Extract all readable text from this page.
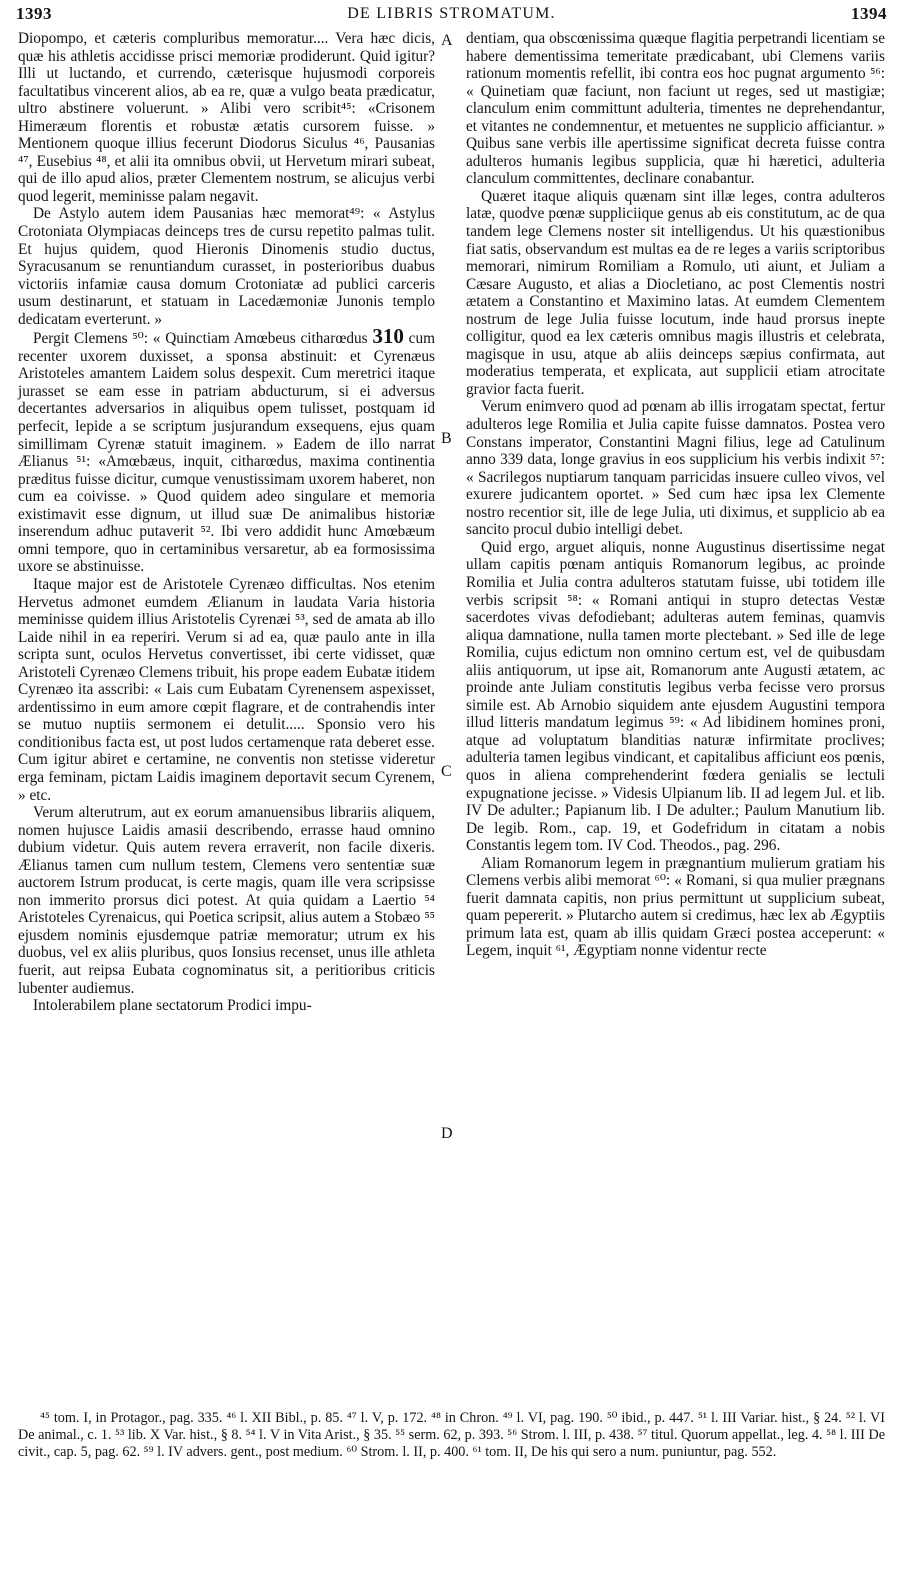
1393	DE LIBRIS STROMATUM.	1394

Diopompo, et cæteris compluribus memoratur.... Vera hæc dicis, quæ his athletis accidisse prisci memoriæ prodiderunt. Quid igitur? Illi ut luctando, et currendo, cæterisque hujusmodi corporeis facultatibus vincerent alios, ab ea re, quæ a vulgo beata prædicatur, ultro abstinere voluerunt. » Alibi vero scribit⁴⁵: «Crisonem Himeræum florentis et robustæ ætatis cursorem fuisse. » Mentionem quoque illius fecerunt Diodorus Siculus ⁴⁶, Pausanias ⁴⁷, Eusebius ⁴⁸, et alii ita omnibus obvii, ut Hervetum mirari subeat, qui de illo apud alios, præter Clementem nostrum, se alicujus verbi quod legerit, meminisse palam negavit.

De Astylo autem idem Pausanias hæc memorat⁴⁹: « Astylus Crotoniata Olympiacas deinceps tres de cursu repetito palmas tulit. Et hujus quidem, quod Hieronis Dinomenis studio ductus, Syracusanum se renuntiandum curasset, in posterioribus duabus victoriis infamiæ causa domum Crotoniatæ ad publici carceris usum destinarunt, et statuam in Lacedæmoniæ Junonis templo dedicatam everterunt. »

Pergit Clemens ⁵⁰: « Quinctiam Amœbeus citharœdus 310 cum recenter uxorem duxisset, a sponsa abstinuit: et Cyrenæus Aristoteles amantem Laidem solus despexit. Cum meretrici itaque jurasset se eam esse in patriam abducturum, si ei adversus decertantes adversarios in aliquibus opem tulisset, postquam id perfecit, lepide a se scriptum jusjurandum exsequens, ejus quam simillimam Cyrenæ statuit imaginem. » Eadem de illo narrat Ælianus ⁵¹: «Amœbæus, inquit, citharœdus, maxima continentia præditus fuisse dicitur, cumque venustissimam uxorem haberet, non cum ea coivisse. » Quod quidem adeo singulare et memoria existimavit esse dignum, ut illud suæ De animalibus historiæ inserendum adhuc putaverit ⁵². Ibi vero addidit hunc Amœbæum omni tempore, quo in certaminibus versaretur, ab ea formosissima uxore se abstinuisse.

Itaque major est de Aristotele Cyrenæo difficultas. Nos etenim Hervetus admonet eumdem Ælianum in laudata Varia historia meminisse quidem illius Aristotelis Cyrenæi ⁵³, sed de amata ab illo Laide nihil in ea reperiri. Verum si ad ea, quæ paulo ante in illa scripta sunt, oculos Hervetus convertisset, ibi certe vidisset, quæ Aristoteli Cyrenæo Clemens tribuit, his prope eadem Eubatæ itidem Cyrenæo ita asscribi: « Lais cum Eubatam Cyrenensem aspexisset, ardentissimo in eum amore cœpit flagrare, et de contrahendis inter se mutuo nuptiis sermonem ei detulit..... Sponsio vero his conditionibus facta est, ut post ludos certamenque rata deberet esse. Cum igitur abiret e certamine, ne conventis non stetisse videretur erga feminam, pictam Laidis imaginem deportavit secum Cyrenem, » etc.

Verum alterutrum, aut ex eorum amanuensibus librariis aliquem, nomen hujusce Laidis amasii describendo, errasse haud omnino dubium videtur. Quis autem revera erraverit, non facile dixeris. Ælianus tamen cum nullum testem, Clemens vero sententiæ suæ auctorem Istrum producat, is certe magis, quam ille vera scripsisse non immerito prorsus dici potest. At quia quidam a Laertio ⁵⁴ Aristoteles Cyrenaicus, qui Poetica scripsit, alius autem a Stobæo ⁵⁵ ejusdem nominis ejusdemque patriæ memoratur; utrum ex his duobus, vel ex aliis pluribus, quos Ionsius recenset, unus ille athleta fuerit, aut reipsa Eubata cognominatus sit, a peritioribus criticis lubenter audiemus.

Intolerabilem plane sectatorum Prodici impu-

A
B
C
D

dentiam, qua obscœnissima quæque flagitia perpetrandi licentiam se habere dementissima temeritate prædicabant, ubi Clemens variis rationum momentis refellit, ibi contra eos hoc pugnat argumento ⁵⁶: « Quinetiam quæ faciunt, non faciunt ut reges, sed ut mastigiæ; clanculum enim committunt adulteria, timentes ne deprehendantur, et vitantes ne condemnentur, et metuentes ne supplicio afficiantur. » Quibus sane verbis ille apertissime significat decreta fuisse contra adulteros humanis legibus supplicia, quæ hi hæretici, adulteria clanculum committentes, declinare conabantur.

Quæret itaque aliquis quænam sint illæ leges, contra adulteros latæ, quodve pœnæ suppliciique genus ab eis constitutum, ac de qua tandem lege Clemens noster sit intelligendus. Ut his quæstionibus fiat satis, observandum est multas ea de re leges a variis scriptoribus memorari, nimirum Romiliam a Romulo, uti aiunt, et Juliam a Cæsare Augusto, et alias a Diocletiano, ac post Clementis nostri ætatem a Constantino et Maximino latas. At eumdem Clementem nostrum de lege Julia fuisse locutum, inde haud prorsus inepte colligitur, quod ea lex cæteris omnibus magis illustris et celebrata, magisque in usu, atque ab aliis deinceps sæpius confirmata, aut moderatius temperata, et explicata, aut supplicii etiam atrocitate gravior facta fuerit.

Verum enimvero quod ad pœnam ab illis irrogatam spectat, fertur adulteros lege Romilia et Julia capite fuisse damnatos. Postea vero Constans imperator, Constantini Magni filius, lege ad Catulinum anno 339 data, longe gravius in eos supplicium his verbis indixit ⁵⁷: « Sacrilegos nuptiarum tanquam parricidas insuere culleo vivos, vel exurere judicantem oportet. » Sed cum hæc ipsa lex Clemente nostro recentior sit, ille de lege Julia, uti diximus, et supplicio ab ea sancito procul dubio intelligi debet.

Quid ergo, arguet aliquis, nonne Augustinus disertissime negat ullam capitis pœnam antiquis Romanorum legibus, ac proinde Romilia et Julia contra adulteros statutam fuisse, ubi totidem ille verbis scripsit ⁵⁸: « Romani antiqui in stupro detectas Vestæ sacerdotes vivas defodiebant; adulteras autem feminas, quamvis aliqua damnatione, nulla tamen morte plectebant. » Sed ille de lege Romilia, cujus edictum non omnino certum est, vel de quibusdam aliis antiquorum, ut ipse ait, Romanorum ante Augusti ætatem, ac proinde ante Juliam constitutis legibus verba fecisse vero prorsus simile est. Ab Arnobio siquidem ante ejusdem Augustini tempora illud litteris mandatum legimus ⁵⁹: « Ad libidinem homines proni, atque ad voluptatum blanditias naturæ infirmitate proclives; adulteria tamen legibus vindicant, et capitalibus afficiunt eos pœnis, quos in aliena comprehenderint fœdera genialis se lectuli expugnatione jecisse. » Videsis Ulpianum lib. II ad legem Jul. et lib. IV De adulter.; Papianum lib. I De adulter.; Paulum Manutium lib. De legib. Rom., cap. 19, et Godefridum in citatam a nobis Constantis legem tom. IV Cod. Theodos., pag. 296.

Aliam Romanorum legem in prægnantium mulierum gratiam his Clemens verbis alibi memorat ⁶⁰: « Romani, si qua mulier prægnans fuerit damnata capitis, non prius permittunt ut supplicium subeat, quam pepererit. » Plutarcho autem si credimus, hæc lex ab Ægyptiis primum lata est, quam ab illis quidam Græci postea acceperunt: « Legem, inquit ⁶¹, Ægyptiam nonne videntur recte

⁴⁵ tom. I, in Protagor., pag. 335. ⁴⁶ l. XII Bibl., p. 85. ⁴⁷ l. V, p. 172. ⁴⁸ in Chron. ⁴⁹ l. VI, pag. 190. ⁵⁰ ibid., p. 447. ⁵¹ l. III Variar. hist., § 24. ⁵² l. VI De animal., c. 1. ⁵³ lib. X Var. hist., § 8. ⁵⁴ l. V in Vita Arist., § 35. ⁵⁵ serm. 62, p. 393. ⁵⁶ Strom. l. III, p. 438. ⁵⁷ titul. Quorum appellat., leg. 4. ⁵⁸ l. III De civit., cap. 5, pag. 62. ⁵⁹ l. IV advers. gent., post medium. ⁶⁰ Strom. l. II, p. 400. ⁶¹ tom. II, De his qui sero a num. puniuntur, pag. 552.
